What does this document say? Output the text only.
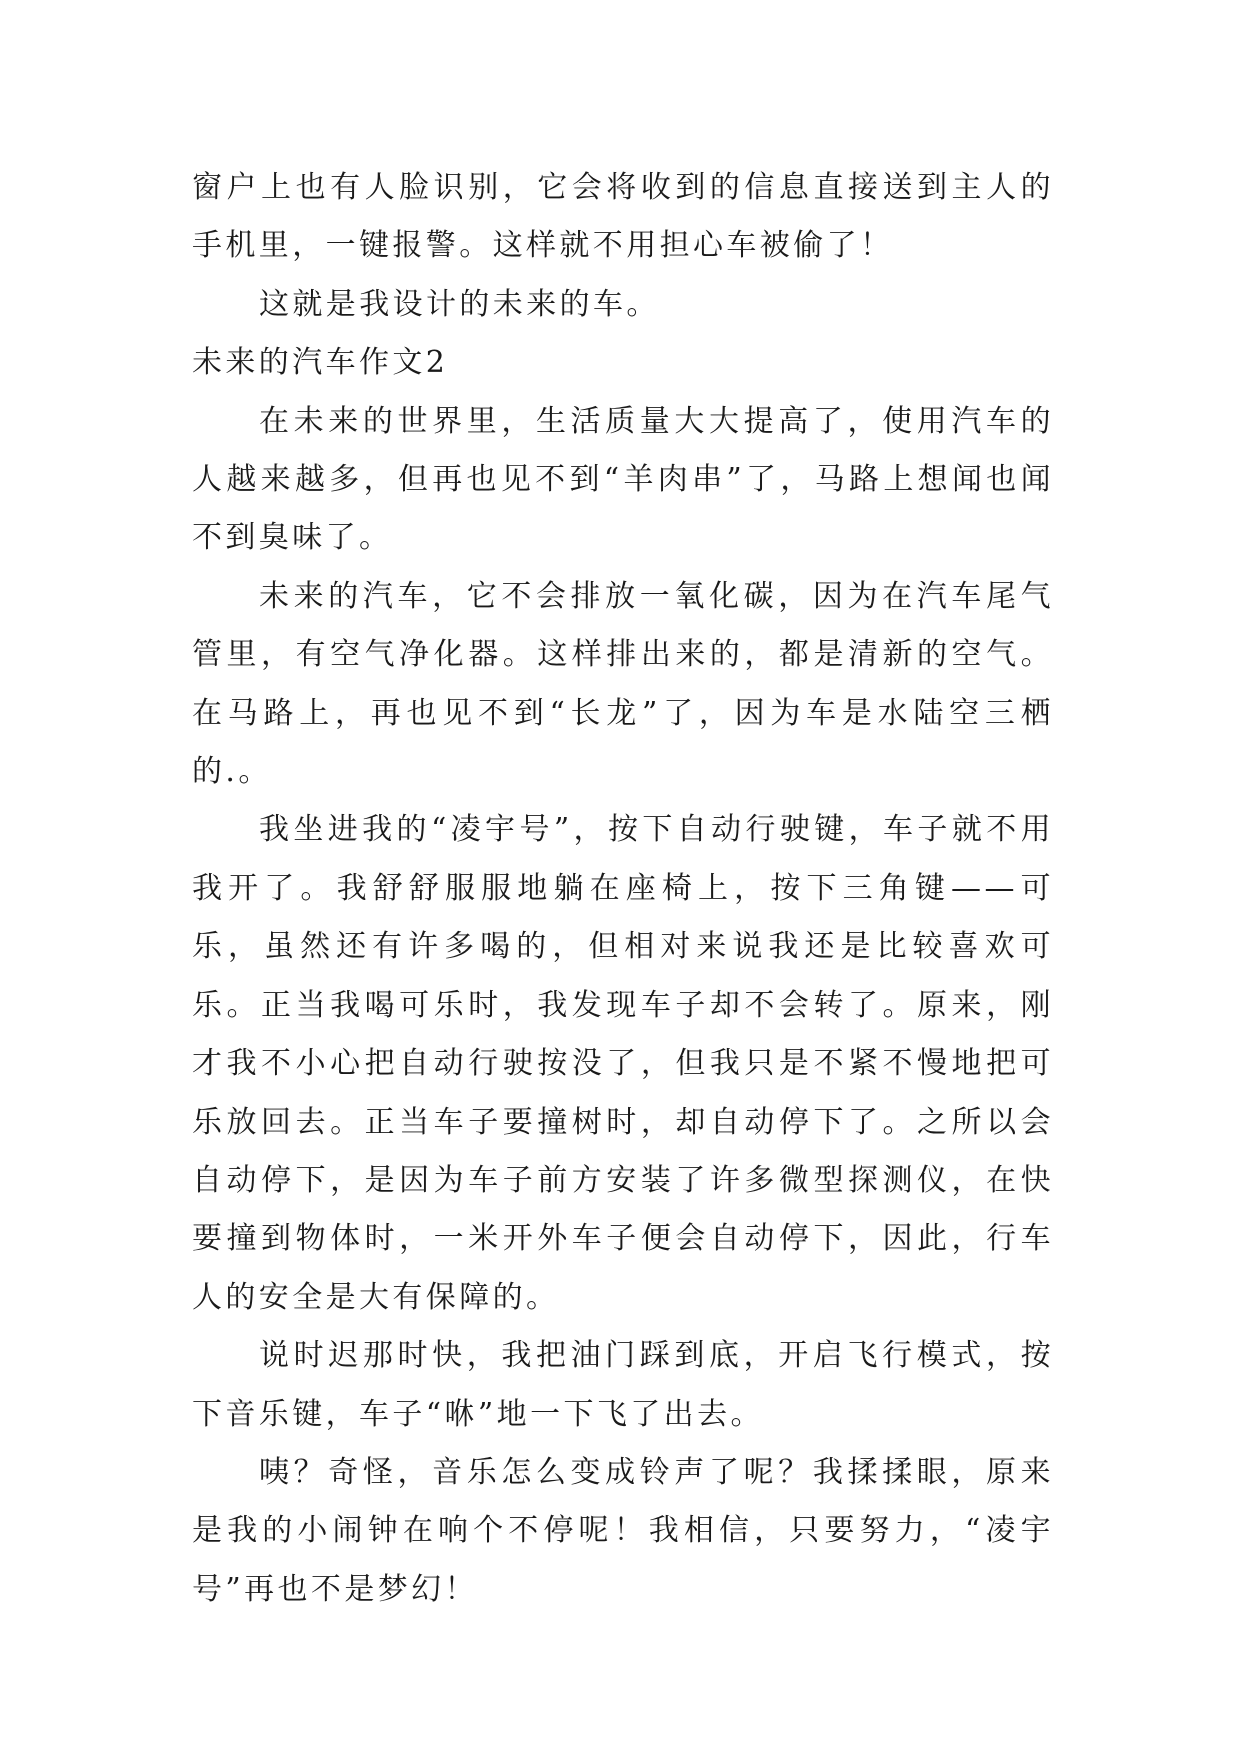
窗户上也有人脸识别，它会将收到的信息直接送到主人的手机里，一键报警。这样就不用担心车被偷了！

这就是我设计的未来的车。

未来的汽车作文2

在未来的世界里，生活质量大大提高了，使用汽车的人越来越多，但再也见不到“羊肉串”了，马路上想闻也闻不到臭味了。

未来的汽车，它不会排放一氧化碳，因为在汽车尾气管里，有空气净化器。这样排出来的，都是清新的空气。在马路上，再也见不到“长龙”了，因为车是水陆空三栖的.。

我坐进我的“凌宇号”，按下自动行驶键，车子就不用我开了。我舒舒服服地躺在座椅上，按下三角键——可乐，虽然还有许多喝的，但相对来说我还是比较喜欢可乐。正当我喝可乐时，我发现车子却不会转了。原来，刚才我不小心把自动行驶按没了，但我只是不紧不慢地把可乐放回去。正当车子要撞树时，却自动停下了。之所以会自动停下，是因为车子前方安装了许多微型探测仪，在快要撞到物体时，一米开外车子便会自动停下，因此，行车人的安全是大有保障的。

说时迟那时快，我把油门踩到底，开启飞行模式，按下音乐键，车子“咻”地一下飞了出去。

咦？奇怪，音乐怎么变成铃声了呢？我揉揉眼，原来是我的小闹钟在响个不停呢！我相信，只要努力，“凌宇号”再也不是梦幻！
